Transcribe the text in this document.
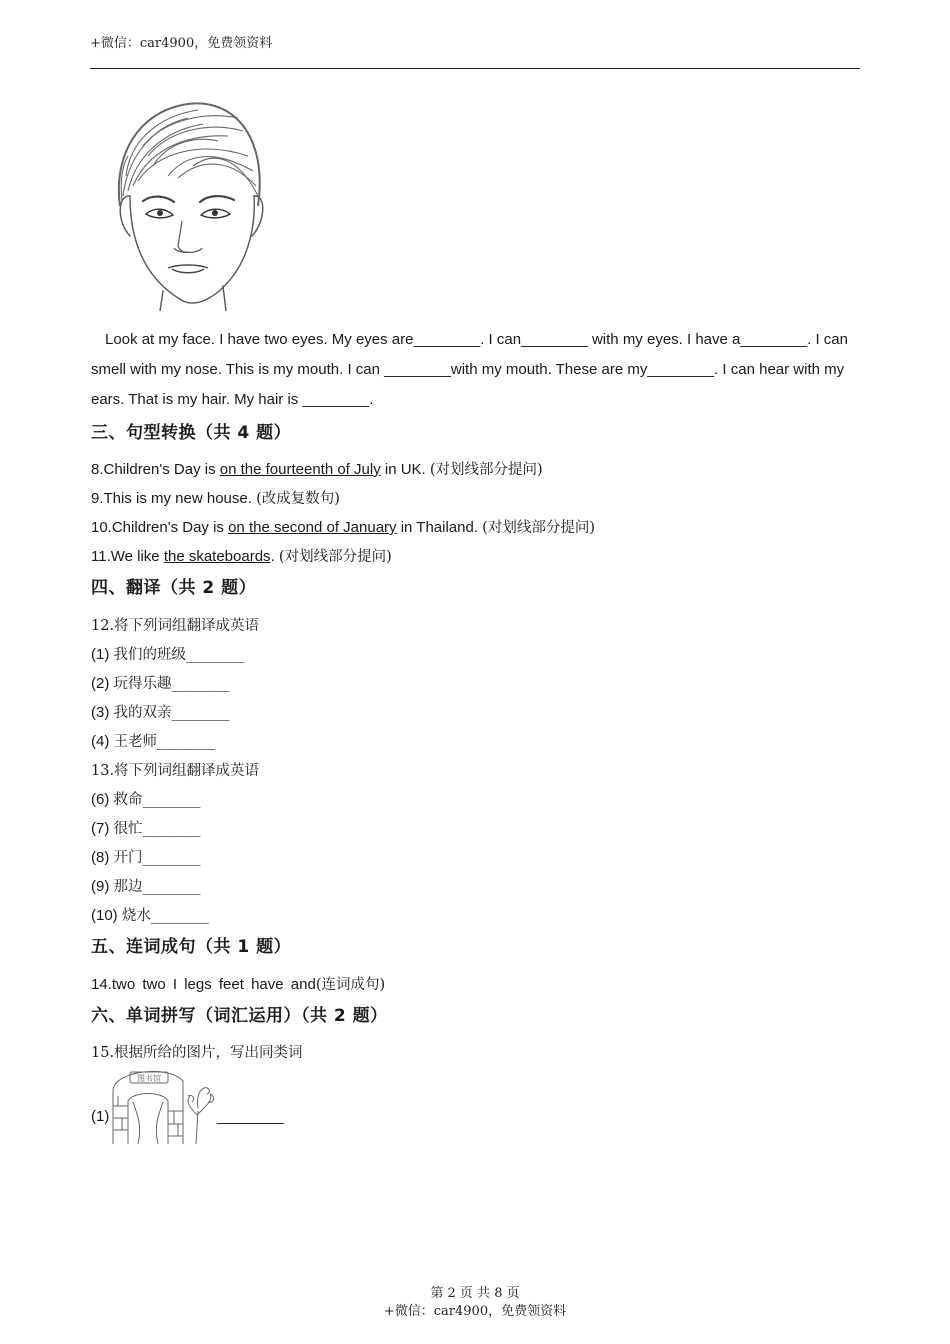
+微信：car4900，免费领资料
Look at my face. I have two eyes. My eyes are________. I can________ with my eyes. I have a________. I can
smell with my nose. This is my mouth. I can ________with my mouth. These are my________. I can hear with my
ears. That is my hair. My hair is ________.
三、句型转换（共 4 题）
8.Children's Day is on the fourteenth of July in UK. (对划线部分提问)
9.This is my new house. (改成复数句)
10.Children's Day is on the second of January in Thailand. (对划线部分提问)
11.We like the skateboards. (对划线部分提问)
四、翻译（共 2 题）
12.将下列词组翻译成英语
(1) 我们的班级________
(2) 玩得乐趣________
(3) 我的双亲________
(4) 王老师________
13.将下列词组翻译成英语
(6) 救命________
(7) 很忙________
(8) 开门________
(9) 那边________
(10) 烧水________
五、连词成句（共 1 题）
14.two two I legs feet have and(连词成句)
六、单词拼写（词汇运用）（共 2 题）
15.根据所给的图片，写出同类词
(1)
图书馆
________
第 2 页 共 8 页
+微信：car4900，免费领资料
